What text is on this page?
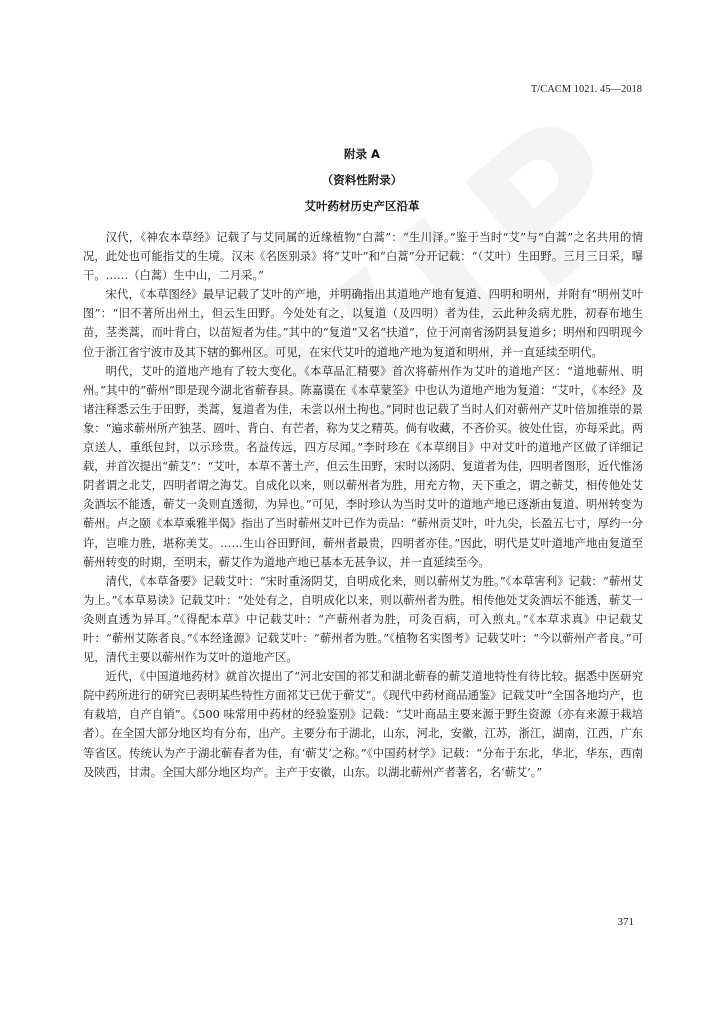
T/CACM 1021. 45—2018
附录 A
（资料性附录）
艾叶药材历史产区沿革

汉代，《神农本草经》记载了与艾同属的近缘植物“白蒿”：“生川泽。”鉴于当时“艾”与“白蒿”之名共用的情况，此处也可能指艾的生境。汉末《名医别录》将“艾叶”和“白蒿”分开记载：“（艾叶）生田野。三月三日采，曝干。……（白蒿）生中山，二月采。”

宋代，《本草图经》最早记载了艾叶的产地，并明确指出其道地产地有复道、四明和明州，并附有“明州艾叶图”：“旧不著所出州土，但云生田野。今处处有之，以复道（及四明）者为佳，云此种灸病尤胜，初春布地生苗，茎类蒿，而叶背白，以苗短者为佳。”其中的“复道”又名“扶道”，位于河南省汤阴县复道乡；明州和四明现今位于浙江省宁波市及其下辖的鄞州区。可见，在宋代艾叶的道地产地为复道和明州，并一直延续至明代。

明代，艾叶的道地产地有了较大变化。《本草品汇精要》首次将蕲州作为艾叶的道地产区：“道地蕲州、明州。”其中的“蕲州”即是现今湖北省蕲春县。陈嘉谟在《本草蒙筌》中也认为道地产地为复道：“艾叶，《本经》及诸注释悉云生于田野，类蒿，复道者为佳，未尝以州土拘也。”同时也记载了当时人们对蕲州产艾叶倍加推崇的景象：“遍求蕲州所产独茎、圆叶、背白、有芒者，称为艾之精英。倘有收藏，不吝价买。彼处仕宦，亦每采此。两京送人，重纸包封，以示珍贵。名益传远，四方尽闻。”李时珍在《本草纲目》中对艾叶的道地产区做了详细记载，并首次提出“蕲艾”：“艾叶，本草不著土产，但云生田野，宋时以汤阴、复道者为佳，四明者图形，近代惟汤阴者谓之北艾，四明者谓之海艾。自成化以来，则以蕲州者为胜，用充方物，天下重之，谓之蕲艾，相传他处艾灸酒坛不能透，蕲艾一灸则直透彻，为异也。”可见，李时珍认为当时艾叶的道地产地已逐渐由复道、明州转变为蕲州。卢之颐《本草乘雅半偈》指出了当时蕲州艾叶已作为贡品：“蕲州贡艾叶，叶九尖，长盈五七寸，厚约一分许，岂唯力胜，堪称美艾。……生山谷田野间，蕲州者最贵，四明者亦佳。”因此，明代是艾叶道地产地由复道至蕲州转变的时期，至明末，蕲艾作为道地产地已基本无甚争议，并一直延续至今。

清代，《本草备要》记载艾叶：“宋时重汤阴艾，自明成化来，则以蕲州艾为胜。”《本草害利》记载：“蕲州艾为上。”《本草易读》记载艾叶：“处处有之，自明成化以来，则以蕲州者为胜。相传他处艾灸酒坛不能透，蕲艾一灸则直透为异耳。”《得配本草》中记载艾叶：“产蕲州者为胜，可灸百病，可入煎丸。”《本草求真》中记载艾叶：“蕲州艾陈者良。”《本经逢源》记载艾叶：“蕲州者为胜。”《植物名实图考》记载艾叶：“今以蕲州产者良。”可见，清代主要以蕲州作为艾叶的道地产区。

近代，《中国道地药材》就首次提出了“河北安国的祁艾和湖北蕲春的蕲艾道地特性有待比较。据悉中医研究院中药所进行的研究已表明某些特性方面祁艾已优于蕲艾”。《现代中药材商品通鉴》记载艾叶“全国各地均产，也有栽培，自产自销”。《500 味常用中药材的经验鉴别》记载：“艾叶商品主要来源于野生资源（亦有来源于栽培者）。在全国大部分地区均有分布，出产。主要分布于湖北，山东，河北，安徽，江苏，浙江，湖南，江西，广东等省区。传统认为产于湖北蕲春者为佳，有‘蕲艾’之称。”《中国药材学》记载：“分布于东北，华北，华东，西南及陕西，甘肃。全国大部分地区均产。主产于安徽，山东。以湖北蕲州产者著名，名‘蕲艾’。”

371
